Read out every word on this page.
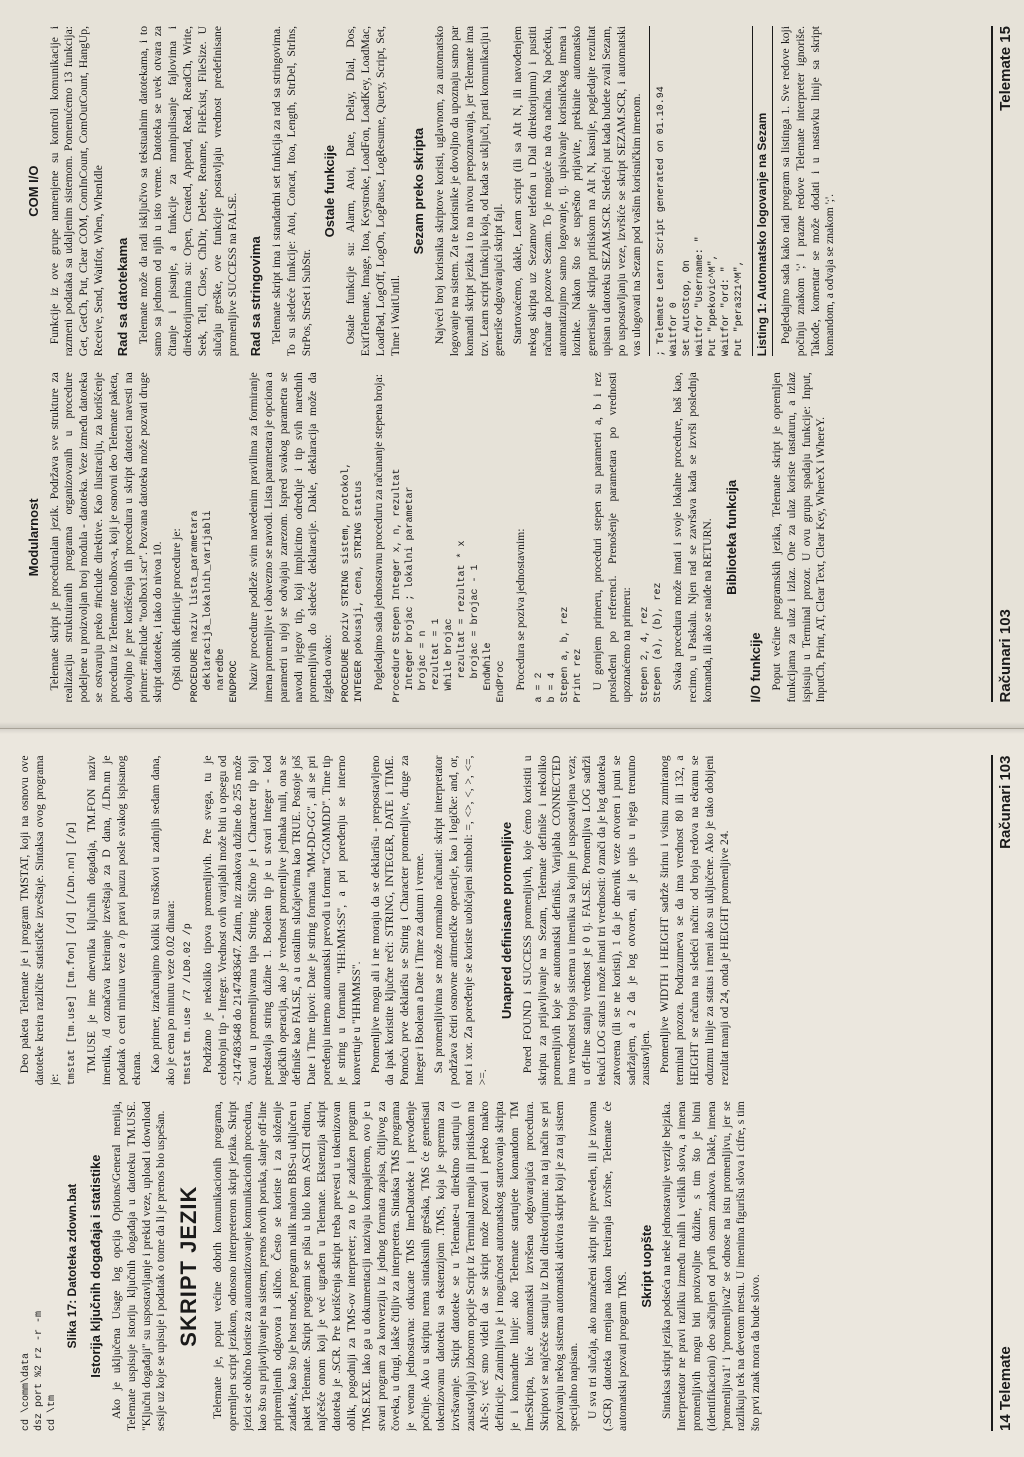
cd \comm\data
dsz port %2 rz -r -m
cd \tm
Slika 17: Datoteka zdown.bat Istorija ključnih događaja i statistike Ako je uključena Usage log opcija Options/General menija, Telemate uspisuje istoriju ključnih događaja u datoteku TM.USE. "Ključni događaji" su uspostavljanje i prekid veze, upload i download sesije uz koje se upisuje i podatak o tome da li je prenos bio uspešan. SKRIPT JEZIK Telemate je, poput većine dobrih komunikacionih programa, opremljen script jezikom, odnosno interpreterom skript jezika. Skript jezici se obično koriste za automatizovanje komunikacionih procedura, kao što su prijavljivanje na sistem, prenos novih poruka, slanje off-line pripremljenih odgovora i slično. Često se koriste i za složenije zadatke, kao što je host mode, program nalik malom BBS-u uključen u paket Telemate. Skript programi se pišu u bilo kom ASCII editoru, najčešće onom koji je već ugrađen u Telemate. Ekstenzija skript datoteka je .SCR. Pre korišćenja skript treba prevesti u tokenizovan oblik, pogodniji za TMS-ov interpreter; za to je zadužen program TMS.EXE. Iako ga u dokumentaciji nazivaju kompajlerom, ovo je u stvari program za konverziju iz jednog formata zapisa, čitljivog za čoveka, u drugi, lakše čitljiv za interpretera. Sintaksa TMS programa je veoma jednostavna: otkucate TMS ImeDatoteke i prevođenje počinje. Ako u skriptu nema sintaksnih grešaka, TMS će generisati tokenizovanu datoteku sa ekstenzijom .TMS, koja je spremna za izvršavanje. Skript datoteke se u Telemate-u direktno startuju (i zaustavljaju) izborom opcije Script iz Terminal menija ili pritiskom na Alt-S; već smo videli da se skript može pozvati i preko makro definicije. Zanimljiva je i mogućnost automatskog startovanja skripta je i komandne linije: ako Telemate startujete komandom TM ImeSkripta, biće automatski izvršena odgovarajuća procedura. Skriptovi se najčešće startuju iz Dial direktorijuma: na taj način se pri pozivanju nekog sistema automatski aktivira skript koji je za taj sistem specijalno napisan. U sva tri slučaja, ako naznačeni skript nije preveden, ili je izvorna (.SCR) datoteka menjana nakon kreiranja izvršne, Telemate će automatski pozvati program TMS.

Skript uopšte Sintaksa skript jezika podseća na neke jednostavnije verzije bejzika. Interpretator ne pravi razliku između malih i velikih slova, a imena promenljivih mogu biti proizvoljne dužine, s tim što je bitni (identifikacioni) deo sačinjen od prvih osam znakova. Dakle, imena 'promenljiva1' i 'promenljiva2' se odnose na istu promenljivu, jer se razlikuju tek na devetom mestu. U imenima figurišu slova i cifre, s tim što prvi znak mora da bude slovo.

Deo paketa Telemate je i program TMSTAT, koji na osnovu ove datoteke kreira različite statističke izveštaje. Sintaksa ovog programa je: tmstat [tm.use] [tm.fon] [/d] [/LDn.nn] [/p] TM.USE je ime dnevnika ključnih događaja, TM.FON naziv imenika, /d označava kreiranje izveštaja za D dana, /LDn.nn je podatak o ceni minuta veze a /p pravi pauzu posle svakog ispisanog ekrana. Kao primer, izračunajmo koliki su troškovi u zadnjih sedam dana, ako je cena po minutu veze 0.02 dinara: tmstat tm.use /7 /LD0.02 /p Podržano je nekoliko tipova promenljivih. Pre svega, tu je celobrojni tip - Integer. Vrednost ovih varijabli može biti u opsegu od -2147483648 do 2147483647. Zatim, niz znakova dužine do 255 može čuvati u promenljivama tipa String. Slično je i Character tip koji predstavlja string dužine 1. Boolean tip je u stvari Integer - kod logičkih operacija, ako je vrednost promenljive jednaka nuli, ona se definiše kao FALSE, a u ostalim slučajevima kao TRUE. Postoje još Date i Time tipovi: Date je string formata "MM-DD-GG", ali se pri poređenju interno automatski prevodi u format "GGMMDD". Time tip je string u formatu "HH:MM:SS", a pri poređenju se interno konvertuje u "HHMMSS". Promenljive mogu ali i ne moraju da se deklarišu - prepostavljeno da ipak koristite ključne reči: STRING, INTEGER, DATE i TIME. Pomoću prve deklarišu se String i Character promenljive, druge za Integer i Boolean a Date i Time za datum i vreme. Sa promenljivima se može normalno računati: skript interpretator podržava četiri osnovne aritmetičke operacije, kao i logičke: and, or, not i xor. Za poređenje se koriste uobičajeni simboli: =, <>, <, >, <=, >=.

Unapred definisane promenljive Pored FOUND i SUCCESS promenljivih, koje ćemo koristiti u skriptu za prijavljivanje na Sezam, Telemate definiše i nekoliko promenljivih koje se automatski definišu. Varijabla CONNECTED ima vrednost broja sistema u imeniku sa kojim je uspostavljena veza; u off-line stanju vrednost je 0 tj. FALSE. Promenljiva LOG sadrži tekući LOG status i može imati tri vrednosti: 0 znači da je log datoteka zatvorena (ili se ne koristi), 1 da je dnevnik veze otvoren i puni se sadržajem, a 2 da je log otvoren, ali je upis u njega trenutno zaustavljen. Promenljive WIDTH i HEIGHT sadrže širinu i visinu zumiranog terminal prozora. Podrazumeva se da ima vrednost 80 ili 132, a HEIGHT se računa na sledeći način: od broja redova na ekranu se oduzmu linije za status i meni ako su uključene. Ako je tako dobijeni rezultat manji od 24, onda je HEIGHT promenljive 24.

14 Telemate
Računari 103
Modularnost Telemate skript je proceduralan jezik. Podržava sve strukture za realizaciju struktuiranih programa organizovanih u procedure podeljene u proizvoljan broj modula - datoteka. Veze između datoteka se ostvaruju preko #include direktive. Kao ilustraciju, za korišćenje procedura iz Telemate toolbox-a, koji je osnovni deo Telemate paketa, dovoljno je pre korišćenja tih procedura u skript datoteci navesti na primer: #include "toolbox1.scr". Pozvana datoteka može pozvati druge skript datoteke, i tako do nivoa 10. Opšti oblik definicije procedure je: PROCEDURE naziv lista_parametara
deklaracija_lokalnih_varijabli
naredbe
ENDPROC Naziv procedure podleže svim navedenim pravilima za formiranje imena promenljive i obavezno se navodi. Lista parametara je opciona a parametri u njoj se odvajaju zarezom. Ispred svakog parametra se navodi njegov tip, koji implicitno određuje i tip svih narednih promenljivih do sledeće deklaracije. Dakle, deklaracija može da izgleda ovako: PROCEDURE poziv STRING sistem, protokol,
INTEGER pokusaji, cena, STRING status Pogledajmo sada jednostavnu proceduru za računanje stepena broja: Procedure Stepen Integer x, n, rezultat
Integer brojac ; lokalni parametar
brojac = n
rezultat = 1
While brojac
rezultat = rezultat * x
brojac = brojac - 1
EndWhile
EndProc Procedura se poziva jednostavnim:

a = 2
b = 4
Stepen a, b, rez
Print rez U gornjem primeru, proceduri stepen su parametri a, b i rez prosleđeni po referenci. Prenošenje parametara po vrednosti upoznaćemo na primeru: Stepen 2, 4, rez
Stepen (a), (b), rez Svaka procedura može imati i svoje lokalne procedure, baš kao, recimo, u Paskalu. Njen rad se završava kada se izvrši poslednja komanda, ili ako se naiđe na RETURN. Biblioteka funkcija
I/O funkcije Poput većine programskih jezika, Telemate skript je opremljen funkcijama za ulaz i izlaz. One za ulaz koriste tastaturu, a izlaz ispisuju u Terminal prozor. U ovu grupu spadaju funkcije: Input, InputCh, Print, AT, Clear Text, Clear Key, WhereX i WhereY.

COM I/O Funkcije iz ove grupe namenjene su kontroli komunikacije i razmeni podataka sa udaljenim sistemom. Pomenućemo 13 funkcija: Get, GetCh, Put, Clear COM, ComInCount, ComOutCount, HangUp, Receive, Send, Waitfor, When, WhenIdle Rad sa datotekama Telemate može da radi isključivo sa tekstualnim datotekama, i to samo sa jednom od njih u isto vreme. Datoteka se uvek otvara za čitanje i pisanje, a funkcije za manipulisanje fajlovima i direktorijumima su: Open, Created, Append, Read, ReadCh, Write, Seek, Tell, Close, ChDir, Delete, Rename, FileExist, FileSize. U slučaju greške, ove funkcije postavljaju vrednost predefinisane promenljive SUCCESS na FALSE. Rad sa stringovima Telemate skript ima i standardni set funkcija za rad sa stringovima. To su sledeće funkcije: Atoi, Concat, Itoa, Length, StrDel, StrIns, StrPos, StrSet i SubStr.

Ostale funkcije Ostale funkcije su: Alarm, Atoi, Date, Delay, Dial, Dos, ExitTelemate, Image, Itoa, Keystroke, LoadFon, LoadKey, LoadMac, LoadPad, LogOff, LogOn, LogPause, LogResume, Query, Script, Set, Time i WaitUntil.

Sezam preko skripta Najveći broj korisnika skriptove koristi, uglavnom, za automatsko logovanje na sistem. Za te korisnike je dovoljno da upoznaju samo par komandi skript jezika i to na nivou prepoznavanja, jer Telemate ima tzv. Learn script funkciju koja, od kada se uključi, prati komunikaciju i generiše odgovarajući skript fajl. Startovaćemo, dakle, Learn script (ili sa Alt N, ili navođenjem nekog skripta uz Sezamov telefon u Dial direktorijumu) i pustiti računar da pozove Sezam. To je moguće na dva načina. Na početku, automatizujmo samo logovanje, tj. upisivanje korisničkog imena i lozinke. Nakon što se uspešno prijavite, prekinite automatsko generisanje skripta pritiskom na Alt N, kasnije, pogledajte rezultat upisan u datoteku SEZAM.SCR. Sledeći put kada budete zvali Sezam, po uspostavljanju veze, izvršiće se skript SEZAM.SCR, i automatski vas ulogovati na Sezam pod vašim korisničkim imenom. ; Telemate Learn Script generated on 01.10.94
Waitfor 0
Set AutoStop, On
Waitfor "Username: "
Put "ppekovic^M",
Waitfor "ord: "
Put "pera321^M", Listing 1: Automatsko logovanje na Sezam Pogledajmo sada kako radi program sa listinga 1. Sve redove koji počinju znakom ';' i prazne redove Telemate interpreter ignoriše. Takođe, komentar se može dodati i u nastavku linije sa skript komandom, a odvaja se znakom ';'.

Računari 103
Telemate 15
